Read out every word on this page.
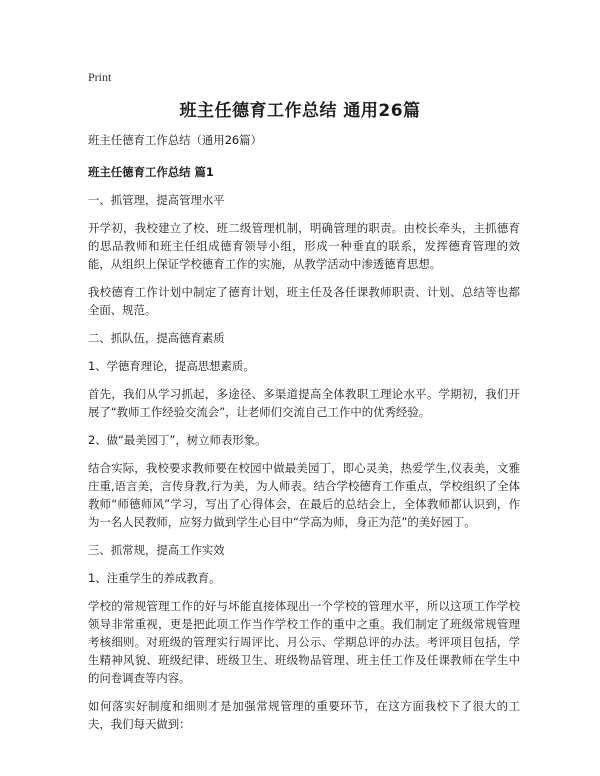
Print
班主任德育工作总结 通用26篇

班主任德育工作总结（通用26篇）

班主任德育工作总结 篇1

一、抓管理，提高管理水平

开学初，我校建立了校、班二级管理机制，明确管理的职责。由校长牵头，主抓德育的思品教师和班主任组成德育领导小组，形成一种垂直的联系，发挥德育管理的效能，从组织上保证学校德育工作的实施，从教学活动中渗透德育思想。

我校德育工作计划中制定了德育计划，班主任及各任课教师职责、计划、总结等也都全面、规范。

二、抓队伍，提高德育素质

1、学德育理论，提高思想素质。

首先，我们从学习抓起，多途径、多渠道提高全体教职工理论水平。学期初，我们开展了“教师工作经验交流会”，让老师们交流自己工作中的优秀经验。

2、做“最美园丁”，树立师表形象。

结合实际，我校要求教师要在校园中做最美园丁，即心灵美，热爱学生,仪表美，文雅庄重,语言美，言传身教,行为美，为人师表。结合学校德育工作重点，学校组织了全体教师“师德师风”学习，写出了心得体会，在最后的总结会上，全体教师都认识到，作为一名人民教师，应努力做到学生心目中“学高为师，身正为范”的美好园丁。

三、抓常规，提高工作实效

1、注重学生的养成教育。

学校的常规管理工作的好与坏能直接体现出一个学校的管理水平，所以这项工作学校领导非常重视，更是把此项工作当作学校工作的重中之重。我们制定了班级常规管理考核细则。对班级的管理实行周评比、月公示、学期总评的办法。考评项目包括，学生精神风貌、班级纪律、班级卫生、班级物品管理、班主任工作及任课教师在学生中的问卷调查等内容。

如何落实好制度和细则才是加强常规管理的重要环节，在这方面我校下了很大的工夫，我们每天做到：
